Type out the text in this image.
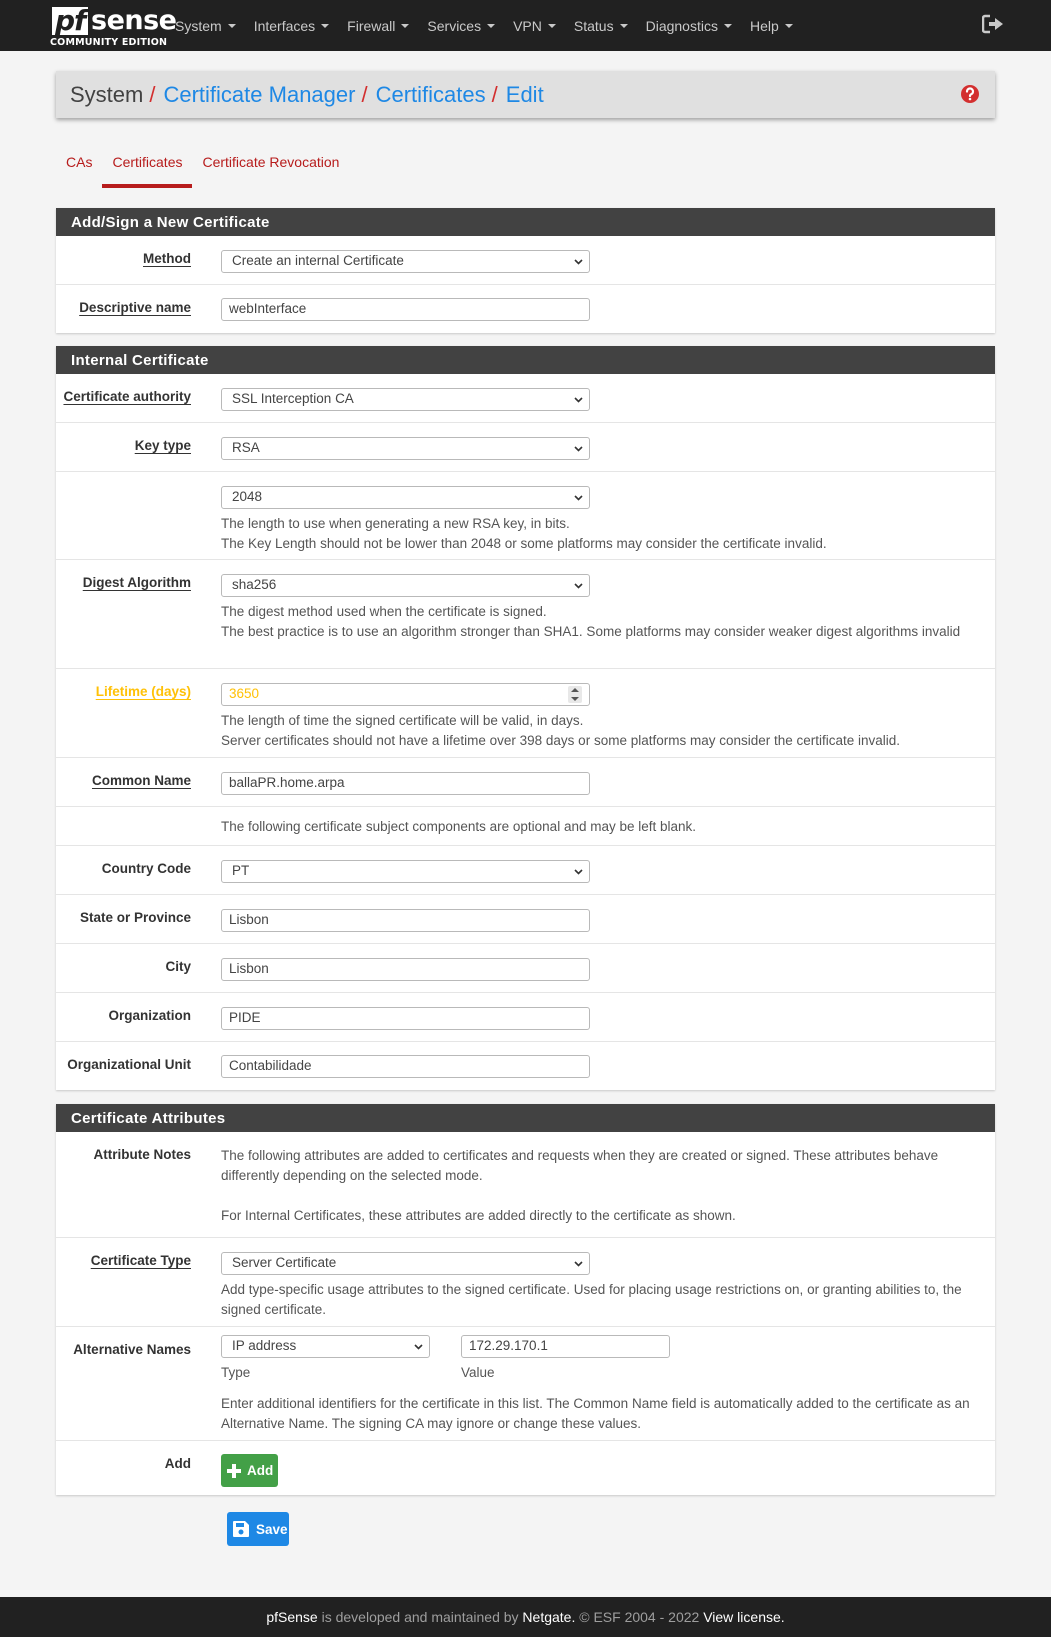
pf sense
COMMUNITY EDITION
System Interfaces Firewall Services VPN Status Diagnostics Help
System / Certificate Manager / Certificates / Edit
CAs	Certificates	Certificate Revocation
Add/Sign a New Certificate
Method	Create an internal Certificate
Descriptive name	webInterface
Internal Certificate
Certificate authority	SSL Interception CA
Key type	RSA
2048

The length to use when generating a new RSA key, in bits.

The Key Length should not be lower than 2048 or some platforms may consider the certificate invalid.

Digest Algorithm	sha256

The digest method used when the certificate is signed.

The best practice is to use an algorithm stronger than SHA1. Some platforms may consider weaker digest algorithms invalid

Lifetime (days)	3650

The length of time the signed certificate will be valid, in days.

Server certificates should not have a lifetime over 398 days or some platforms may consider the certificate invalid.

Common Name	ballaPR.home.arpa
The following certificate subject components are optional and may be left blank.
Country Code	PT
State or Province	Lisbon
City	Lisbon
Organization	PIDE
Organizational Unit	Contabilidade
Certificate Attributes
Attribute Notes The following attributes are added to certificates and requests when they are created or signed. These attributes behave differently depending on the selected mode.

For Internal Certificates, these attributes are added directly to the certificate as shown.

Certificate Type	Server Certificate
Add type-specific usage attributes to the signed certificate. Used for placing usage restrictions on, or granting abilities to, the signed certificate.
Alternative Names	IP address
Type
172.29.170.1
Value
Enter additional identifiers for the certificate in this list. The Common Name field is automatically added to the certificate as an Alternative Name. The signing CA may ignore or change these values.
Add	Add
Save
pfSense is developed and maintained by Netgate. © ESF 2004 - 2022 View license.
